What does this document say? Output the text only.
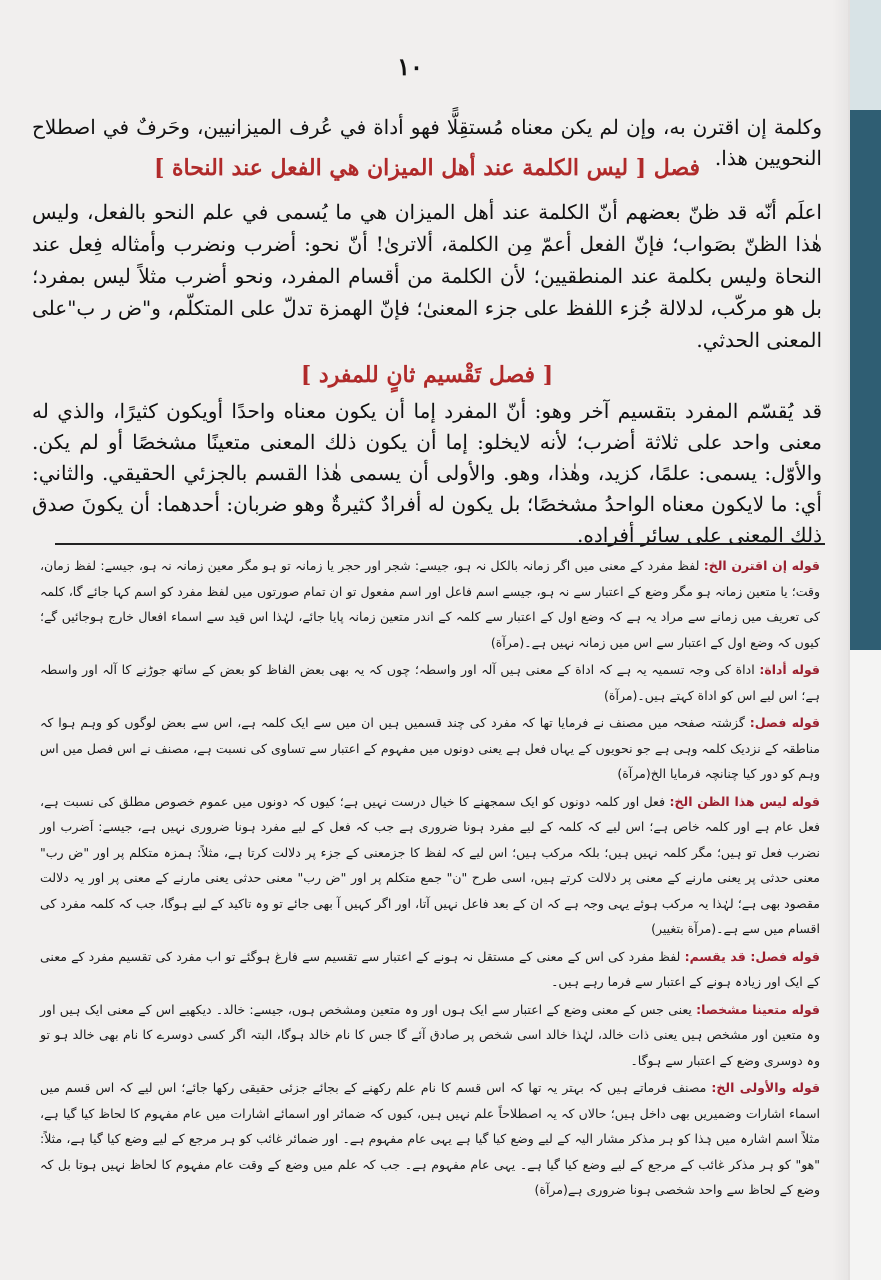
١٠
وكلمة إن اقترن به، وإن لم يكن معناه مُستقِلًّا فهو أداة في عُرف الميزانيين، وحَرفٌ في اصطلاح النحويين هذا.
فصل [ ليس الكلمة عند أهل الميزان هي الفعل عند النحاة ]
اعلَم أنّه قد ظنّ بعضهم أنّ الكلمة عند أهل الميزان هي ما يُسمى في علم النحو بالفعل، وليس هٰذا الظنّ بصَواب؛ فإنّ الفعل أعمّ مِن الكلمة، ألاترىٰ! أنّ نحو: أضرب ونضرب وأمثاله فِعل عند النحاة وليس بكلمة عند المنطقيين؛ لأن الكلمة من أقسام المفرد، ونحو أضرب مثلاً ليس بمفرد؛ بل هو مركّب، لدلالة جُزء اللفظ على جزء المعنىٰ؛ فإنّ الهمزة تدلّ على المتكلّم، و"ض ر ب"على المعنى الحدثي.
[ فصل تَقْسيم ثانٍ للمفرد ]
قد يُقسّم المفرد بتقسيم آخر وهو: أنّ المفرد إما أن يكون معناه واحدًا أويكون كثيرًا، والذي له معنى واحد على ثلاثة أضرب؛ لأنه لايخلو: إما أن يكون ذلك المعنى متعينًا مشخصًا أو لم يكن. والأوّل: يسمى: علمًا، كزيد، وهٰذا، وهو. والأولى أن يسمى هٰذا القسم بالجزئي الحقيقي. والثاني: أي: ما لايكون معناه الواحدُ مشخصًا؛ بل يكون له أفرادٌ كثيرةٌ وهو ضربان: أحدهما: أن يكونَ صدق ذلك المعنى على سائر أفراده.

قوله إن اقترن الخ: لفظ مفرد کے معنی میں اگر زمانہ بالکل نہ ہو، جیسے: شجر اور حجر یا زمانہ تو ہو مگر معین زمانہ نہ ہو، جیسے: لفظ زمان، وقت؛ یا متعین زمانہ ہو مگر وضع کے اعتبار سے نہ ہو، جیسے اسم فاعل اور اسم مفعول تو ان تمام صورتوں میں لفظ مفرد کو اسم کہا جائے گا، کلمہ کی تعریف میں زمانے سے مراد یہ ہے کہ وضع اول کے اعتبار سے کلمہ کے اندر متعین زمانہ پایا جائے، لہٰذا اس قید سے اسماء افعال خارج ہوجائیں گے؛ کیوں کہ وضع اول کے اعتبار سے اس میں زمانہ نہیں ہے۔(مرآة)

قوله أداة: اداة کی وجہ تسمیہ یہ ہے کہ اداة کے معنی ہیں آلہ اور واسطہ؛ چوں کہ یہ بھی بعض الفاظ کو بعض کے ساتھ جوڑنے کا آلہ اور واسطہ ہے؛ اس لیے اس کو اداة کہتے ہیں۔(مرآة)

قوله فصل: گزشتہ صفحہ میں مصنف نے فرمایا تھا کہ مفرد کی چند قسمیں ہیں ان میں سے ایک کلمہ ہے، اس سے بعض لوگوں کو وہم ہوا کہ مناطقہ کے نزدیک کلمہ وہی ہے جو نحویوں کے یہاں فعل ہے یعنی دونوں میں مفہوم کے اعتبار سے تساوی کی نسبت ہے، مصنف نے اس فصل میں اس وہم کو دور کیا چنانچہ فرمایا الخ(مرآة)

قوله ليس هذا الظن الخ: فعل اور کلمہ دونوں کو ایک سمجھنے کا خیال درست نہیں ہے؛ کیوں کہ دونوں میں عموم خصوص مطلق کی نسبت ہے، فعل عام ہے اور کلمہ خاص ہے؛ اس لیے کہ کلمہ کے لیے مفرد ہونا ضروری ہے جب کہ فعل کے لیے مفرد ہونا ضروری نہیں ہے، جیسے: اَضرب اور نضرب فعل تو ہیں؛ مگر کلمہ نہیں ہیں؛ بلکہ مرکب ہیں؛ اس لیے کہ لفظ کا جزمعنی کے جزء پر دلالت کرتا ہے، مثلاً: ہمزہ متکلم پر اور "ض رب" معنی حدثی پر یعنی مارنے کے معنی پر دلالت کرتے ہیں، اسی طرح "ن" جمع متکلم پر اور "ض رب" معنی حدثی یعنی مارنے کے معنی پر اور یہ دلالت مقصود بھی ہے؛ لہٰذا یہ مرکب ہوئے یہی وجہ ہے کہ ان کے بعد فاعل نہیں آتا، اور اگر کہیں آ بھی جائے تو وہ تاکید کے لیے ہوگا، جب کہ کلمہ مفرد کی اقسام میں سے ہے۔(مرآة بتغییر)

قوله فصل: قد يقسم: لفظ مفرد کی اس کے معنی کے مستقل نہ ہونے کے اعتبار سے تقسیم سے فارغ ہوگئے تو اب مفرد کی تقسیم مفرد کے معنی کے ایک اور زیادہ ہونے کے اعتبار سے فرما رہے ہیں۔

قوله متعينا مشخصا: یعنی جس کے معنی وضع کے اعتبار سے ایک ہوں اور وہ متعین ومشخص ہوں، جیسے: خالد۔ دیکھیے اس کے معنی ایک ہیں اور وہ متعین اور مشخص ہیں یعنی ذات خالد، لہٰذا خالد اسی شخص پر صادق آئے گا جس کا نام خالد ہوگا، البتہ اگر کسی دوسرے کا نام بھی خالد ہو تو وہ دوسری وضع کے اعتبار سے ہوگا۔

قوله والأولى الخ: مصنف فرماتے ہیں کہ بہتر یہ تھا کہ اس قسم کا نام علم رکھنے کے بجائے جزئی حقیقی رکھا جائے؛ اس لیے کہ اس قسم میں اسماء اشارات وضمیریں بھی داخل ہیں؛ حالاں کہ یہ اصطلاحاً علم نہیں ہیں، کیوں کہ ضمائر اور اسمائے اشارات میں عام مفہوم کا لحاظ کیا گیا ہے، مثلاً اسم اشارہ میں ہٰذا کو ہر مذکر مشار الیہ کے لیے وضع کیا گیا ہے یہی عام مفہوم ہے۔ اور ضمائر غائب کو ہر مرجع کے لیے وضع کیا گیا ہے، مثلاً: "هو" کو ہر مذکر غائب کے مرجع کے لیے وضع کیا گیا ہے۔ یہی عام مفہوم ہے۔ جب کہ علم میں وضع کے وقت عام مفہوم کا لحاظ نہیں ہوتا بل کہ وضع کے لحاظ سے واحد شخصی ہونا ضروری ہے(مرآة)
